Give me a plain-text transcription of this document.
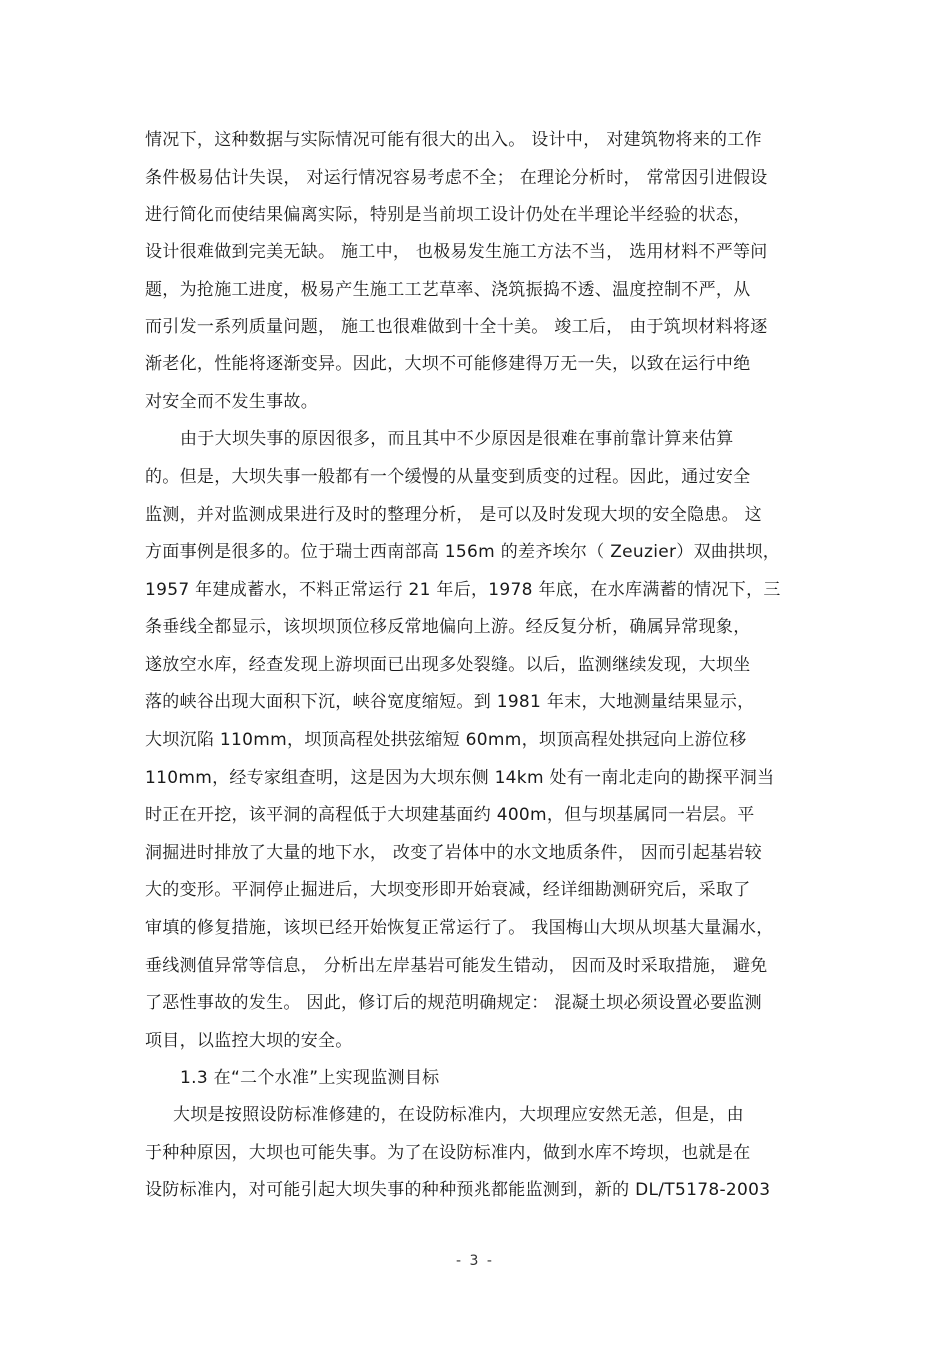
情况下，这种数据与实际情况可能有很大的出入。 设计中， 对建筑物将来的工作
条件极易估计失误， 对运行情况容易考虑不全； 在理论分析时， 常常因引进假设
进行简化而使结果偏离实际，特别是当前坝工设计仍处在半理论半经验的状态，
设计很难做到完美无缺。 施工中， 也极易发生施工方法不当， 选用材料不严等问
题，为抢施工进度，极易产生施工工艺草率、浇筑振捣不透、温度控制不严，从
而引发一系列质量问题， 施工也很难做到十全十美。 竣工后， 由于筑坝材料将逐
渐老化，性能将逐渐变异。因此，大坝不可能修建得万无一失，以致在运行中绝
对安全而不发生事故。
由于大坝失事的原因很多，而且其中不少原因是很难在事前靠计算来估算
的。但是，大坝失事一般都有一个缓慢的从量变到质变的过程。因此，通过安全
监测，并对监测成果进行及时的整理分析， 是可以及时发现大坝的安全隐患。 这
方面事例是很多的。位于瑞士西南部高 156m 的差齐埃尔（ Zeuzier）双曲拱坝，
1957 年建成蓄水，不料正常运行 21 年后，1978 年底，在水库满蓄的情况下，三
条垂线全都显示，该坝坝顶位移反常地偏向上游。经反复分析，确属异常现象，
遂放空水库，经查发现上游坝面已出现多处裂缝。以后，监测继续发现，大坝坐
落的峡谷出现大面积下沉，峡谷宽度缩短。到 1981 年末，大地测量结果显示，
大坝沉陷 110mm，坝顶高程处拱弦缩短 60mm，坝顶高程处拱冠向上游位移
110mm，经专家组查明，这是因为大坝东侧 14km 处有一南北走向的勘探平洞当
时正在开挖，该平洞的高程低于大坝建基面约 400m，但与坝基属同一岩层。平
洞掘进时排放了大量的地下水， 改变了岩体中的水文地质条件， 因而引起基岩较
大的变形。平洞停止掘进后，大坝变形即开始衰减，经详细勘测研究后，采取了
审填的修复措施，该坝已经开始恢复正常运行了。 我国梅山大坝从坝基大量漏水，
垂线测值异常等信息， 分析出左岸基岩可能发生错动， 因而及时采取措施， 避免
了恶性事故的发生。 因此，修订后的规范明确规定： 混凝土坝必须设置必要监测
项目，以监控大坝的安全。
1.3 在“二个水准”上实现监测目标
大坝是按照设防标准修建的，在设防标准内，大坝理应安然无恙，但是，由
于种种原因，大坝也可能失事。为了在设防标准内，做到水库不垮坝，也就是在
设防标准内，对可能引起大坝失事的种种预兆都能监测到，新的 DL/T5178-2003
- 3 -
